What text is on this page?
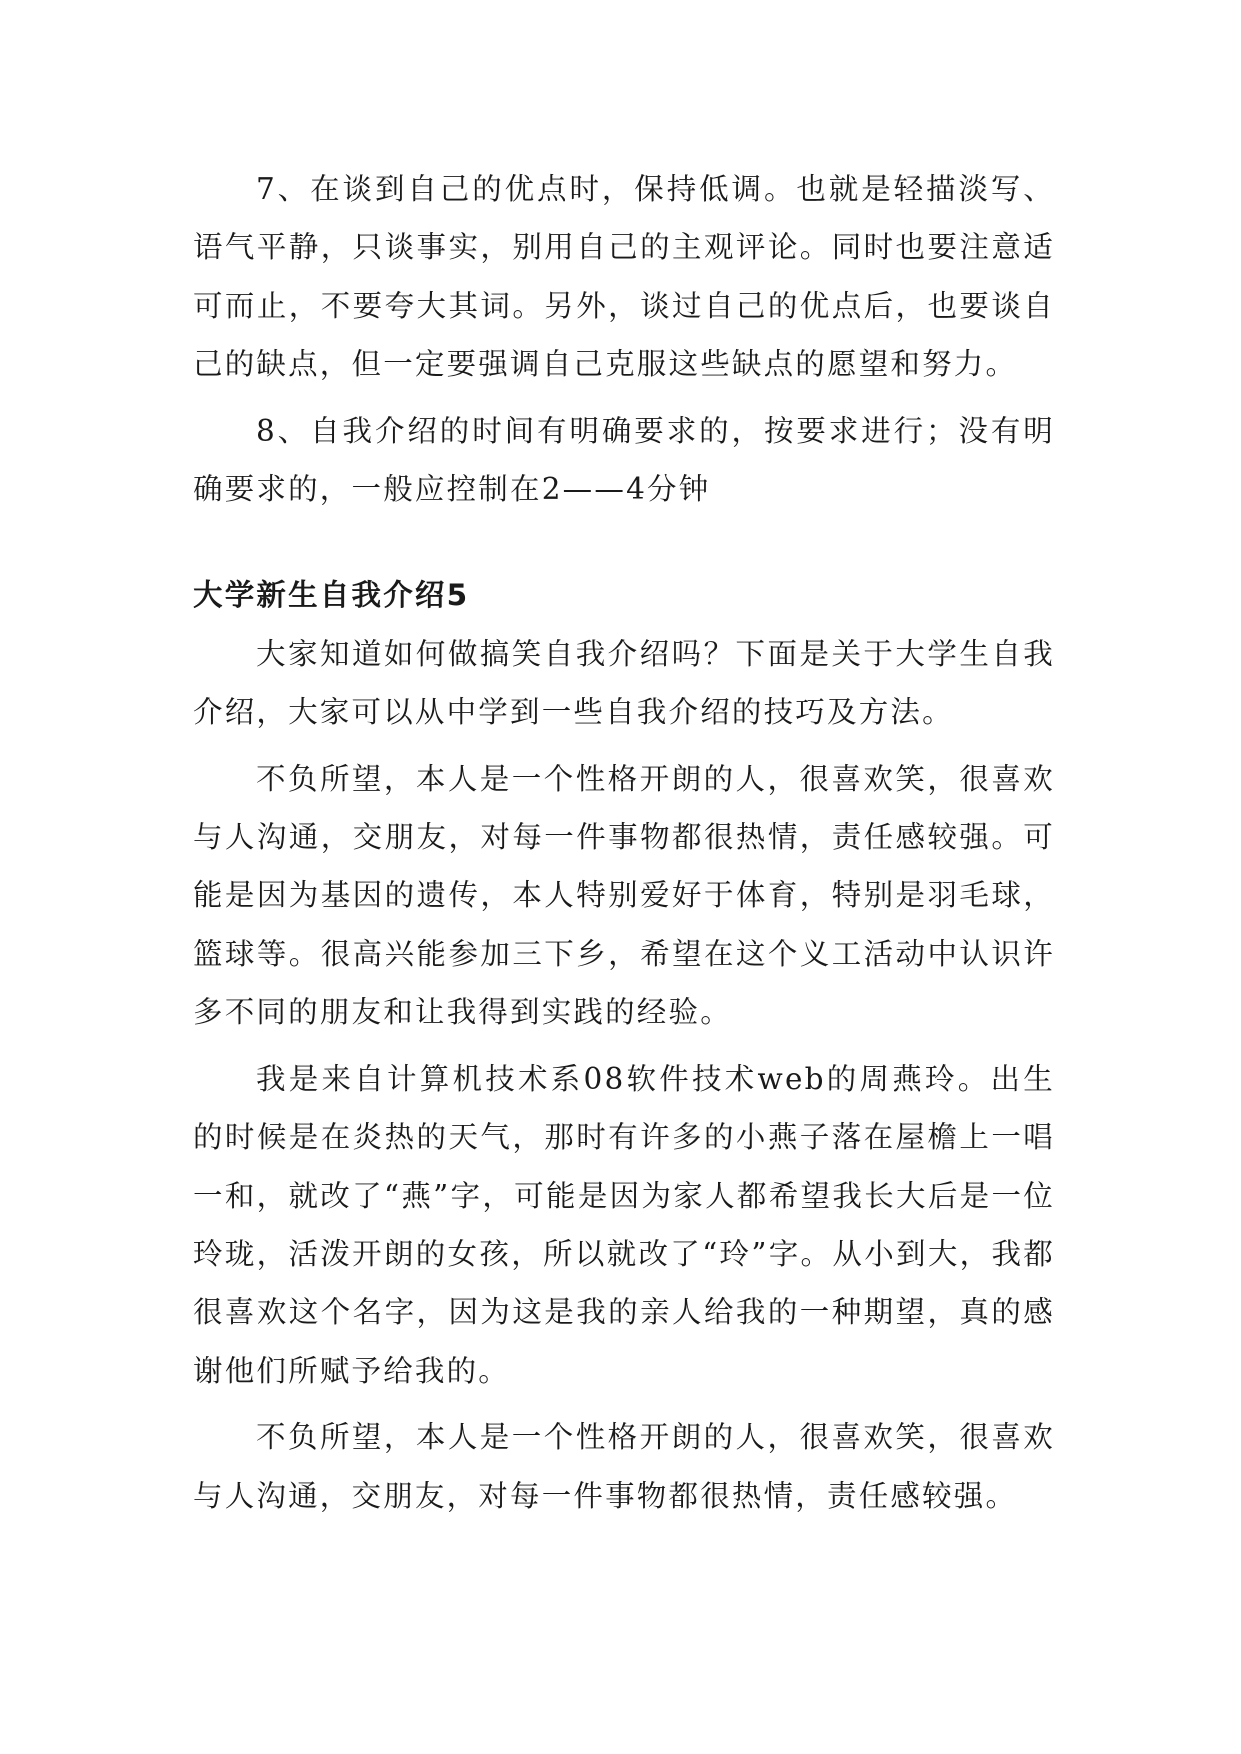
7、在谈到自己的优点时，保持低调。也就是轻描淡写、语气平静，只谈事实，别用自己的主观评论。同时也要注意适可而止，不要夸大其词。另外，谈过自己的优点后，也要谈自己的缺点，但一定要强调自己克服这些缺点的愿望和努力。

8、自我介绍的时间有明确要求的，按要求进行；没有明确要求的，一般应控制在2——4分钟

大学新生自我介绍5

大家知道如何做搞笑自我介绍吗？下面是关于大学生自我介绍，大家可以从中学到一些自我介绍的技巧及方法。

不负所望，本人是一个性格开朗的人，很喜欢笑，很喜欢与人沟通，交朋友，对每一件事物都很热情，责任感较强。可能是因为基因的遗传，本人特别爱好于体育，特别是羽毛球，篮球等。很高兴能参加三下乡，希望在这个义工活动中认识许多不同的朋友和让我得到实践的经验。

我是来自计算机技术系08软件技术web的周燕玲。出生的时候是在炎热的天气，那时有许多的小燕子落在屋檐上一唱一和，就改了“燕”字，可能是因为家人都希望我长大后是一位玲珑，活泼开朗的女孩，所以就改了“玲”字。从小到大，我都很喜欢这个名字，因为这是我的亲人给我的一种期望，真的感谢他们所赋予给我的。

不负所望，本人是一个性格开朗的人，很喜欢笑，很喜欢与人沟通，交朋友，对每一件事物都很热情，责任感较强。
